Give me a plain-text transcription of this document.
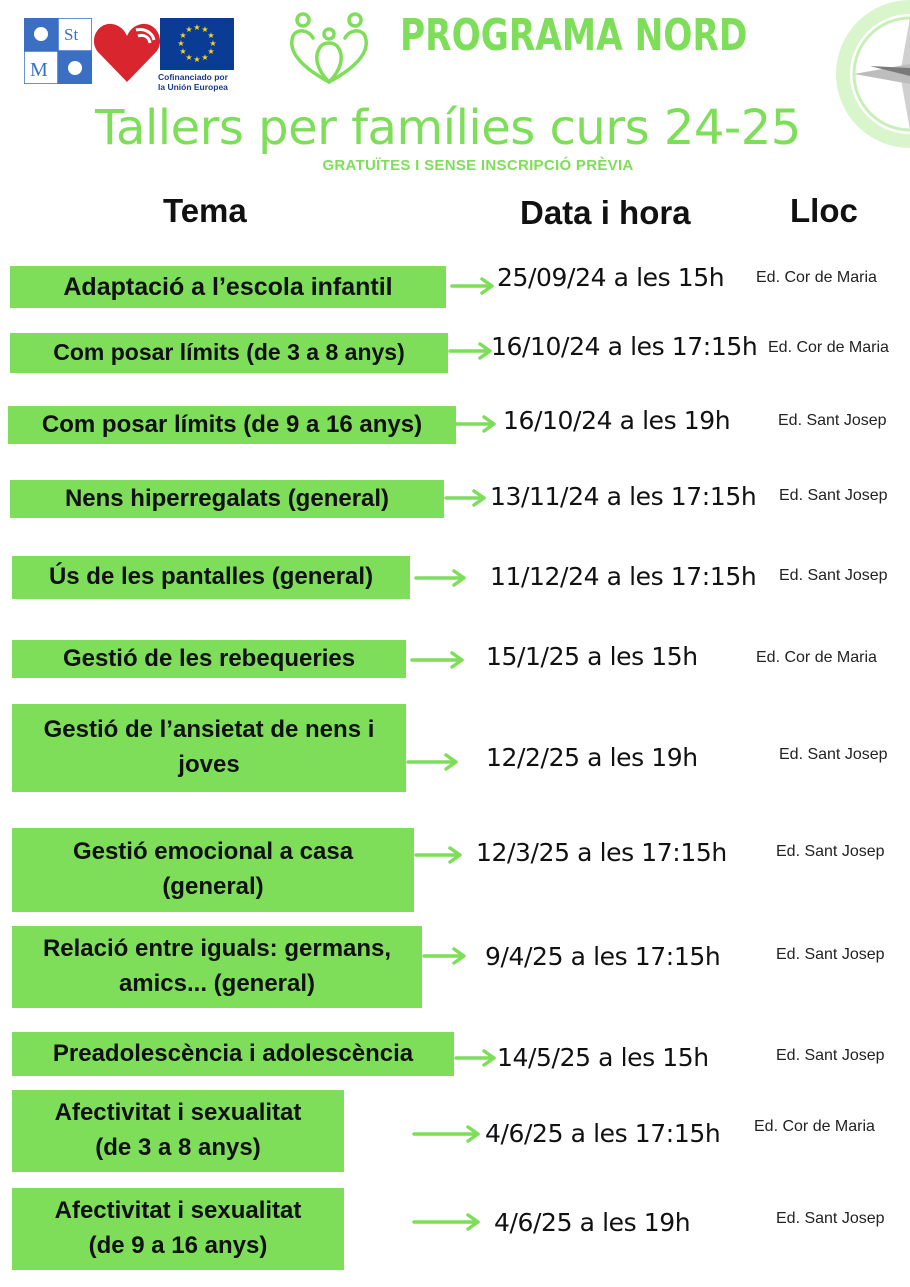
St
M
★ ★
★
★
★
★
★
★
★
★
★
★
Cofinanciado por
la Unión Europea
PROGRAMA NORD
Tallers per famílies curs 24-25
GRATUÏTES I SENSE INSCRIPCIÓ PRÈVIA
Tema	Data i hora	Lloc
Adaptació a l’escola infantil	25/09/24 a les 15h Ed. Cor de Maria
Com posar límits (de 3 a 8 anys)	16/10/24 a les 17:15h Ed. Cor de Maria
Com posar límits (de 9 a 16 anys)	16/10/24 a les 19h	Ed. Sant Josep
Nens hiperregalats (general)	13/11/24 a les 17:15h Ed. Sant Josep
Ús de les pantalles (general)	11/12/24 a les 17:15h Ed. Sant Josep
Gestió de les rebequeries	15/1/25 a les 15h	Ed. Cor de Maria
Gestió de l’ansietat de nens i
joves	12/2/25 a les 19h	Ed. Sant Josep
Gestió emocional a casa
(general)
12/3/25 a les 17:15h	Ed. Sant Josep
Relació entre iguals: germans,
amics... (general)
9/4/25 a les 17:15h	Ed. Sant Josep
Preadolescència i adolescència	14/5/25 a les 15h	Ed. Sant Josep
Afectivitat i sexualitat
(de 3 a 8 anys)	4/6/25 a les 17:15h Ed. Cor de Maria
Afectivitat i sexualitat
(de 9 a 16 anys)
4/6/25 a les 19h	Ed. Sant Josep
